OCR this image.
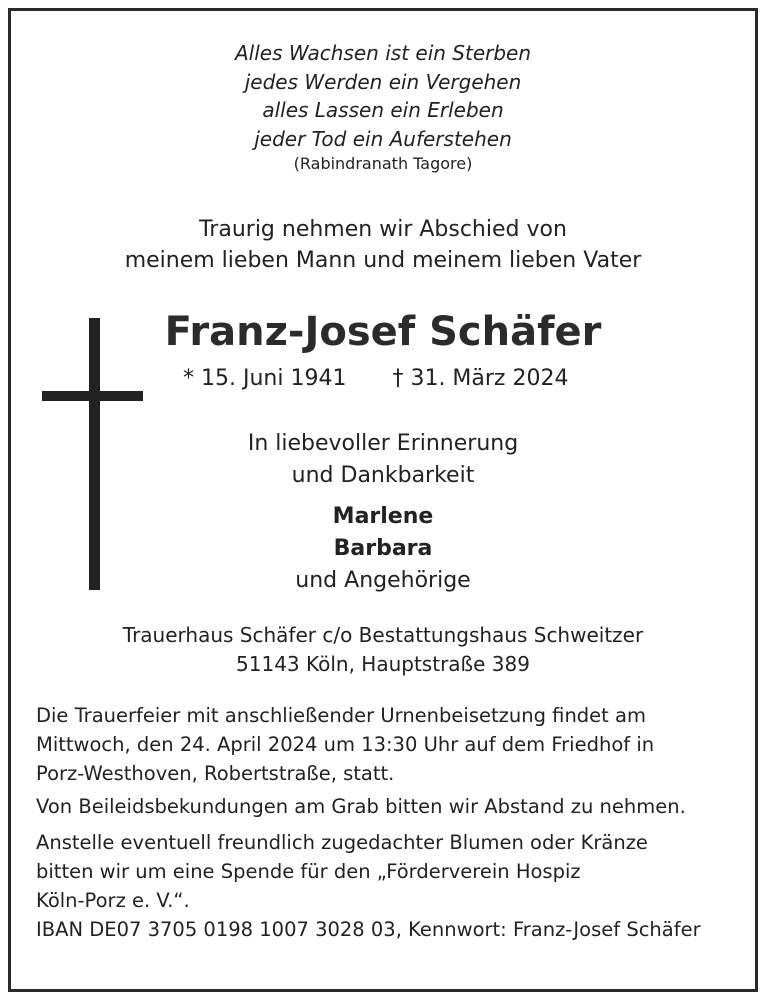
Alles Wachsen ist ein Sterben
jedes Werden ein Vergehen
alles Lassen ein Erleben
jeder Tod ein Auferstehen
(Rabindranath Tagore)
Traurig nehmen wir Abschied von
meinem lieben Mann und meinem lieben Vater
Franz-Josef Schäfer
* 15. Juni 1941 † 31. März 2024
In liebevoller Erinnerung
und Dankbarkeit
Marlene
Barbara
und Angehörige
Trauerhaus Schäfer c/o Bestattungshaus Schweitzer
51143 Köln, Hauptstraße 389
Die Trauerfeier mit anschließender Urnenbeisetzung findet am
Mittwoch, den 24. April 2024 um 13:30 Uhr auf dem Friedhof in
Porz-Westhoven, Robertstraße, statt.
Von Beileidsbekundungen am Grab bitten wir Abstand zu nehmen.
Anstelle eventuell freundlich zugedachter Blumen oder Kränze
bitten wir um eine Spende für den „Förderverein Hospiz
Köln-Porz e. V.“.
IBAN DE07 3705 0198 1007 3028 03, Kennwort: Franz-Josef Schäfer
